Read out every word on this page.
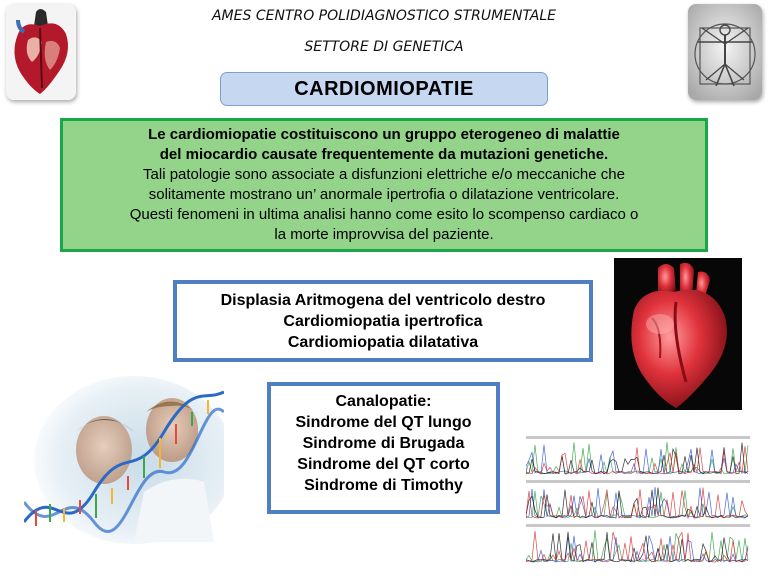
AMES CENTRO POLIDIAGNOSTICO STRUMENTALE
SETTORE DI GENETICA
CARDIOMIOPATIE
Le cardiomiopatie costituiscono un gruppo eterogeneo di malattie
del miocardio causate frequentemente da mutazioni genetiche.
Tali patologie sono associate a disfunzioni elettriche e/o meccaniche che
solitamente mostrano un’ anormale ipertrofia o dilatazione ventricolare.
Questi fenomeni in ultima analisi hanno come esito lo scompenso cardiaco o
la morte improvvisa del paziente.
Displasia Aritmogena del ventricolo destro
Cardiomiopatia ipertrofica
Cardiomiopatia dilatativa
Canalopatie:
Sindrome del QT lungo
Sindrome di Brugada
Sindrome del QT corto
Sindrome di Timothy
